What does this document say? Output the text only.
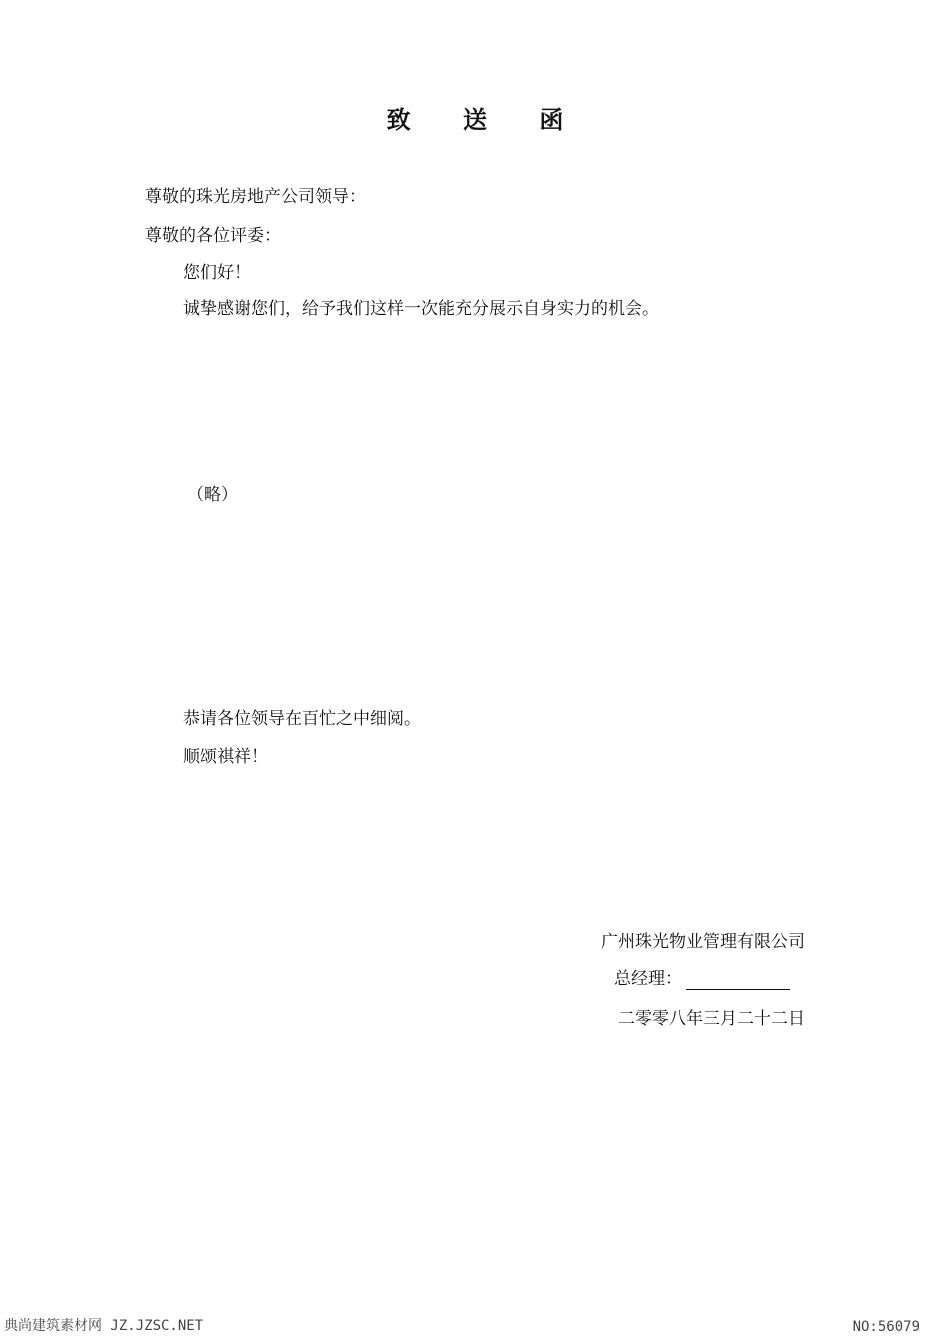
致 送 函
尊敬的珠光房地产公司领导：
尊敬的各位评委：
您们好！
诚挚感谢您们，给予我们这样一次能充分展示自身实力的机会。
（略）
恭请各位领导在百忙之中细阅。
顺颂祺祥！
广州珠光物业管理有限公司
总经理：
二零零八年三月二十二日
典尚建筑素材网 JZ.JZSC.NET	NO:56079
